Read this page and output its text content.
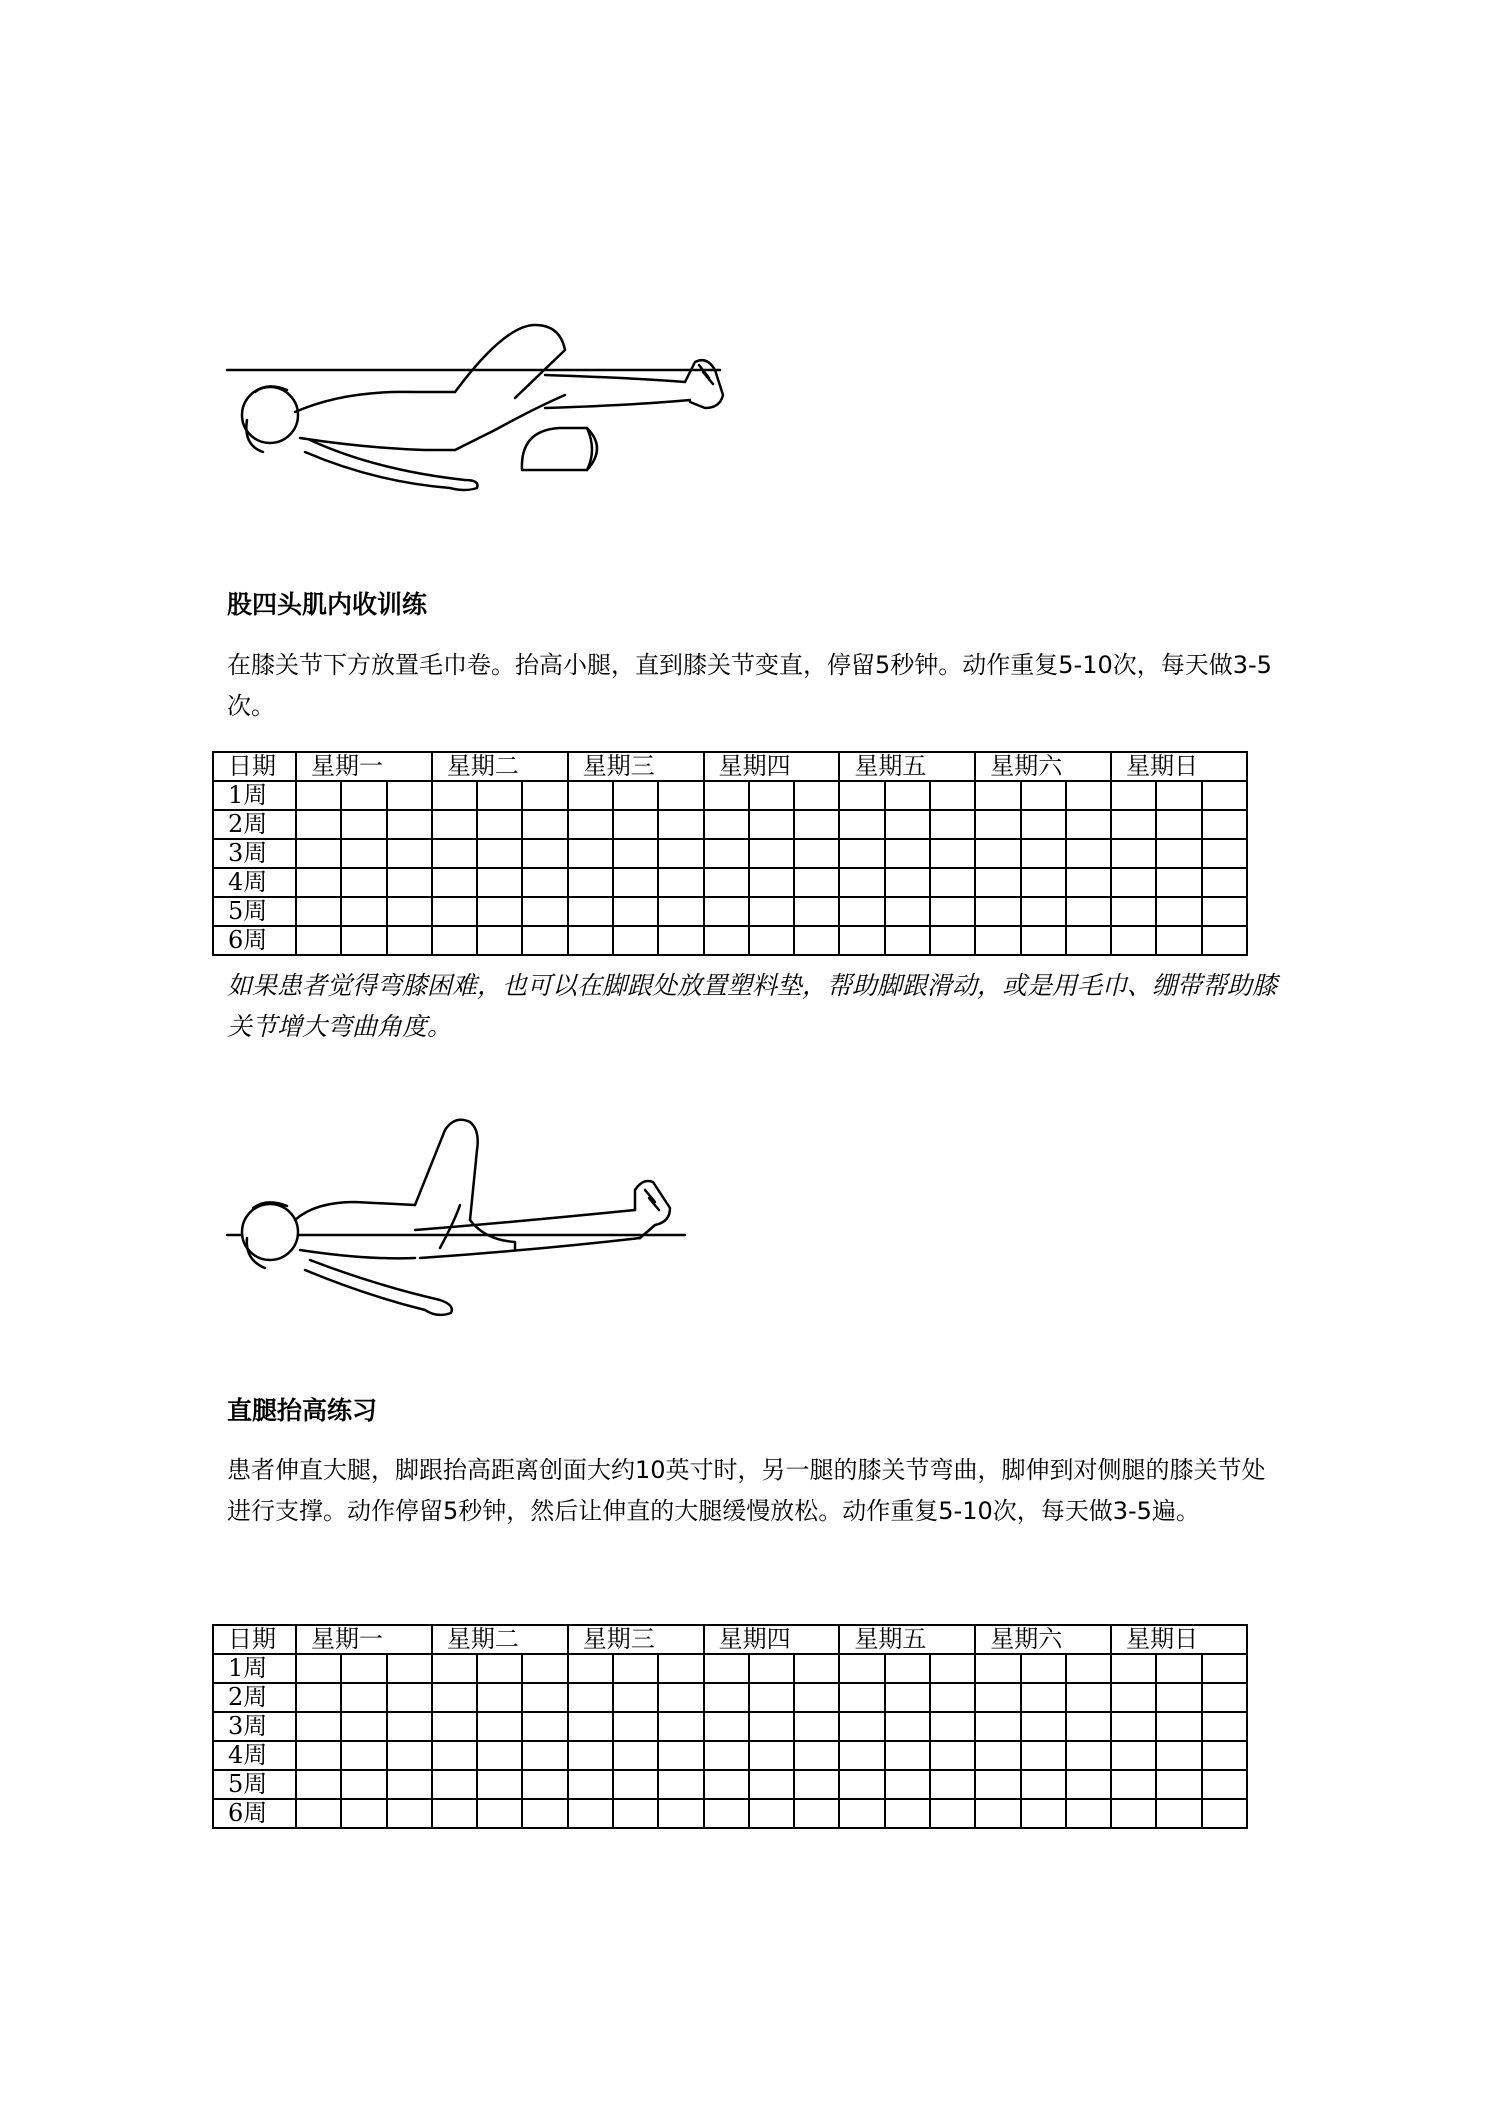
股四头肌内收训练

在膝关节下方放置毛巾卷。抬高小腿，直到膝关节变直，停留5秒钟。动作重复5-10次，每天做3-5次。

日期	星期一			星期二			星期三			星期四			星期五			星期六			星期日		
1周																					
2周																					
3周																					
4周																					
5周																					
6周																					

如果患者觉得弯膝困难，也可以在脚跟处放置塑料垫，帮助脚跟滑动，或是用毛巾、绷带帮助膝关节增大弯曲角度。

直腿抬高练习

患者伸直大腿，脚跟抬高距离创面大约10英寸时，另一腿的膝关节弯曲，脚伸到对侧腿的膝关节处进行支撑。动作停留5秒钟，然后让伸直的大腿缓慢放松。动作重复5-10次，每天做3-5遍。

日期	星期一			星期二			星期三			星期四			星期五			星期六			星期日		
1周																					
2周																					
3周																					
4周																					
5周																					
6周																					
